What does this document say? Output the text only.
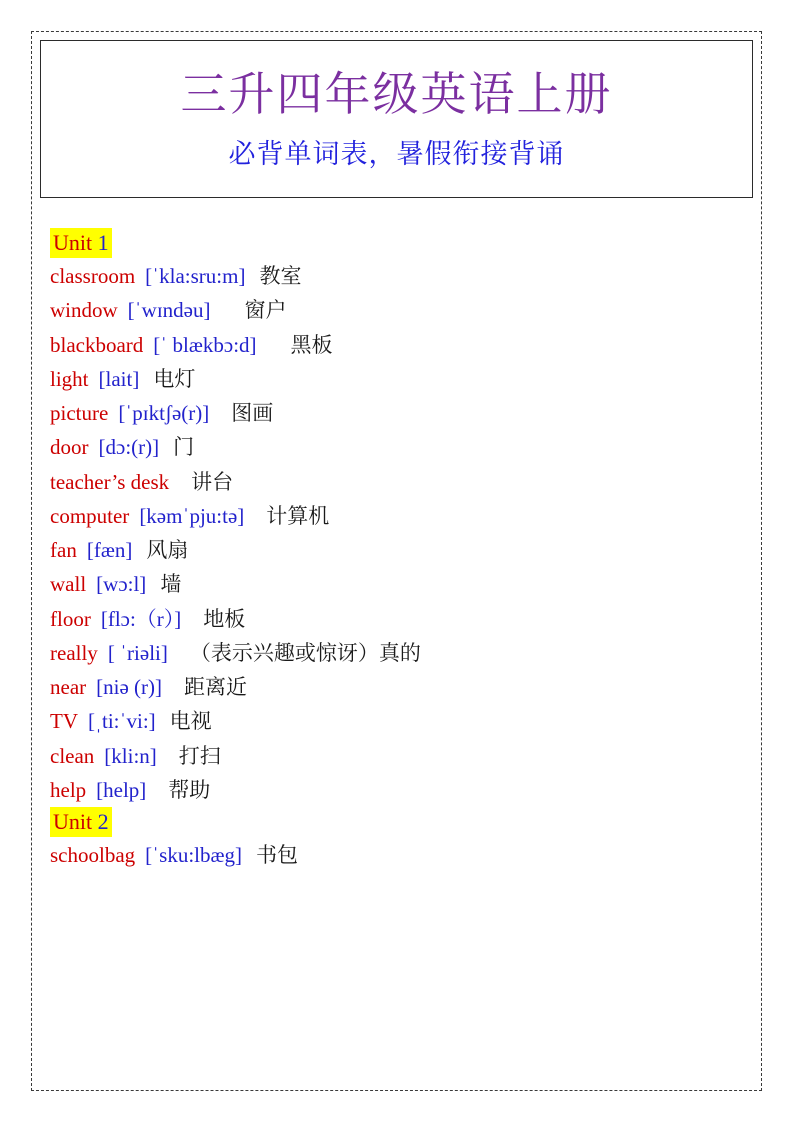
三升四年级英语上册
必背单词表，暑假衔接背诵
Unit 1
classroom [ˈkla:sru:m] 教室
window [ˈwɪndəu] 窗户
blackboard [ˈ blækbɔ:d] 黑板
light [lait] 电灯
picture [ˈpɪktʃə(r)] 图画
door [dɔ:(r)] 门
teacher’s desk 讲台
computer [kəmˈpju:tə] 计算机
fan [fæn] 风扇
wall [wɔ:l] 墙
floor [flɔ:（r）] 地板
really [ ˈriəli] （表示兴趣或惊讶）真的
near [niə (r)] 距离近
TV [ˌti:ˈvi:] 电视
clean [kli:n] 打扫
help [help] 帮助
Unit 2
schoolbag [ˈsku:lbæg] 书包
